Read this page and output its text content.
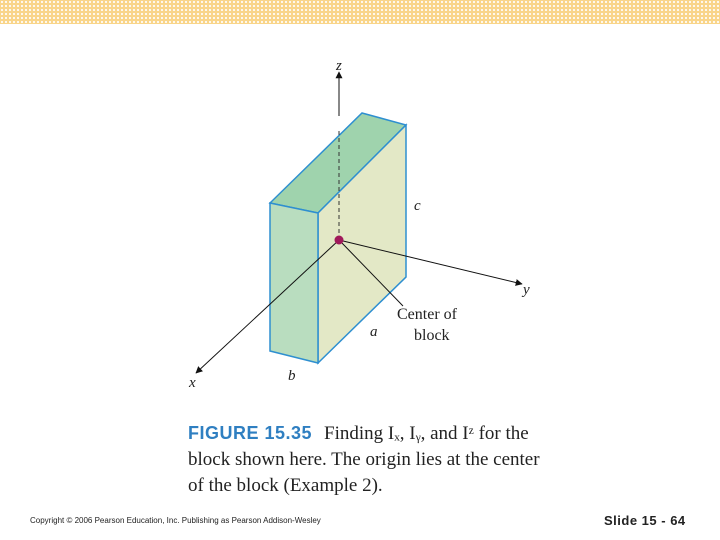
z
y
x
c
a
b
Center of
block
FIGURE 15.35 Finding Iₓ, Iᵧ, and Iᶻ for the block shown here. The origin lies at the center of the block (Example 2).
Copyright © 2006 Pearson Education, Inc. Publishing as Pearson Addison-Wesley	Slide 15 - 64
